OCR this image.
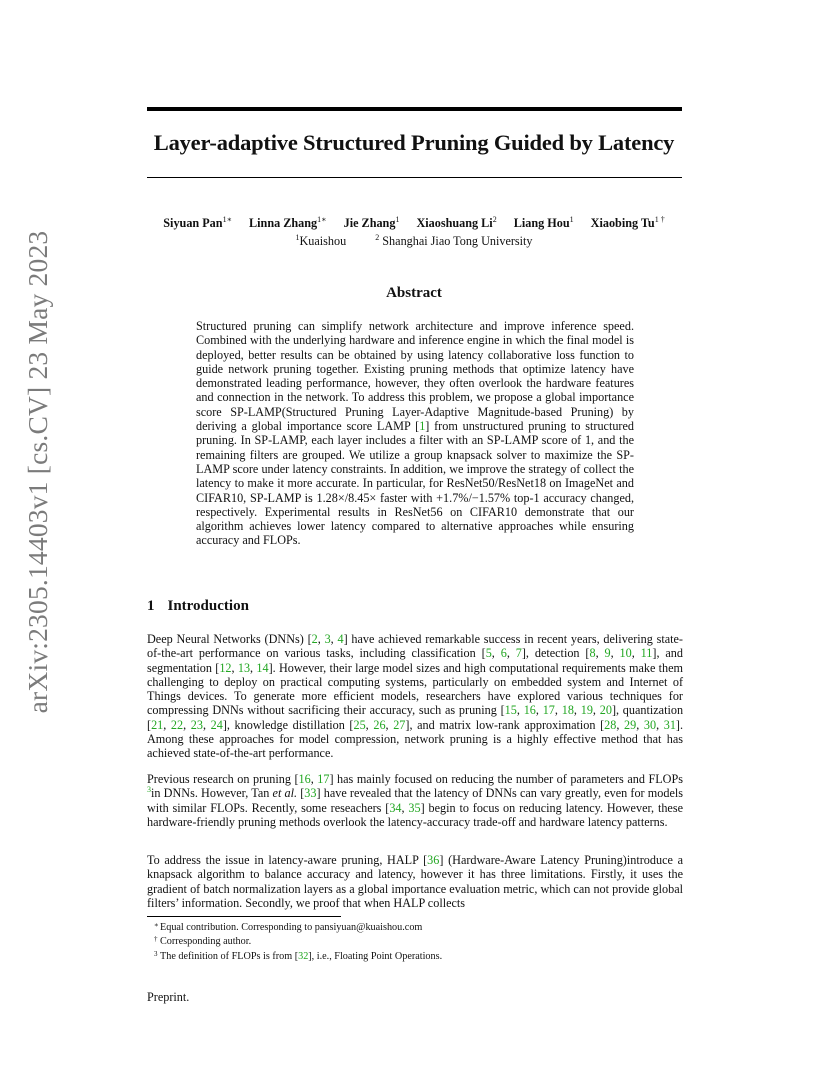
arXiv:2305.14403v1 [cs.CV] 23 May 2023
Layer-adaptive Structured Pruning Guided by Latency
Siyuan Pan$^{1∗}$ Linna Zhang$^{1∗}$ Jie Zhang$^1$ Xiaoshuang Li$^2$ Liang Hou$^1$ Xiaobing $Tu^{1 \dagger}$
$^1$Kuaishou	$^2$ Shanghai Jiao Tong University
Abstract
Structured pruning can simplify network architecture and improve inference speed. Combined with the underlying hardware and inference engine in which the final model is deployed, better results can be obtained by using latency collaborative loss function to guide network pruning together. Existing pruning methods that optimize latency have demonstrated leading performance, however, they often overlook the hardware features and connection in the network. To address this problem, we propose a global importance score SP-LAMP(Structured Pruning Layer-Adaptive Magnitude-based Pruning) by deriving a global importance score LAMP [1] from unstructured pruning to structured pruning. In SP-LAMP, each layer includes a filter with an SP-LAMP score of 1, and the remaining filters are grouped. We utilize a group knapsack solver to maximize the SP-LAMP score under latency constraints. In addition, we improve the strategy of collect the latency to make it more accurate. In particular, for ResNet50/ResNet18 on ImageNet and CIFAR10, SP-LAMP is 1.28×/8.45× faster with +1.7%/−1.57% top-1 accuracy changed, respectively. Experimental results in ResNet56 on CIFAR10 demonstrate that our algorithm achieves lower latency compared to alternative approaches while ensuring accuracy and FLOPs.
1 Introduction
Deep Neural Networks (DNNs) [2, 3, 4] have achieved remarkable success in recent years, delivering state-of-the-art performance on various tasks, including classification [5, 6, 7], detection [8, 9, 10, 11], and segmentation [12, 13, 14]. However, their large model sizes and high computational requirements make them challenging to deploy on practical computing systems, particularly on embedded system and Internet of Things devices. To generate more efficient models, researchers have explored various techniques for compressing DNNs without sacrificing their accuracy, such as pruning [15, 16, 17, 18, 19, 20], quantization [21, 22, 23, 24], knowledge distillation [25, 26, 27], and matrix low-rank approximation [28, 29, 30, 31]. Among these approaches for model compression, network pruning is a highly effective method that has achieved state-of-the-art performance.
Previous research on pruning [16, 17] has mainly focused on reducing the number of parameters and FLOPs $^3$in DNNs. However, Tan et al. [33] have revealed that the latency of DNNs can vary greatly, even for models with similar FLOPs. Recently, some reseachers [34, 35] begin to focus on reducing latency. However, these hardware-friendly pruning methods overlook the latency-accuracy trade-off and hardware latency patterns.
To address the issue in latency-aware pruning, HALP [36] (Hardware-Aware Latency Pruning)introduce a knapsack algorithm to balance accuracy and latency, however it has three limitations. Firstly, it uses the gradient of batch normalization layers as a global importance evaluation metric, which can not provide global filters’ information. Secondly, we proof that when HALP collects
∗ Equal contribution. Corresponding to pansiyuan@kuaishou.com
† Corresponding author.
3 The definition of FLOPs is from [32], i.e., Floating Point Operations.
Preprint.
